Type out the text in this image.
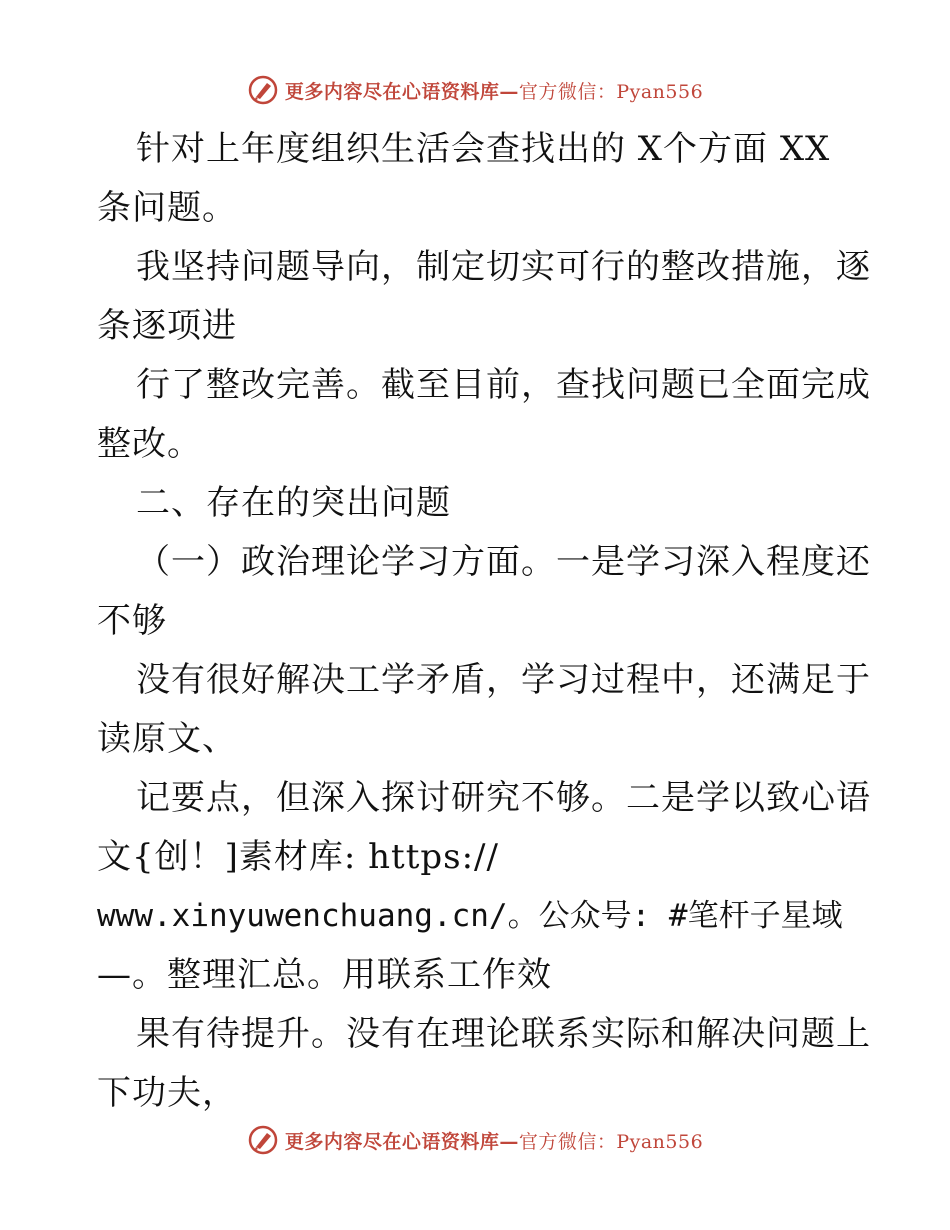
更多内容尽在心语资料库—官方微信：Pyan556
针对上年度组织生活会查找出的 X个方面 XX
条问题。
我坚持问题导向，制定切实可行的整改措施，逐
条逐项进
行了整改完善。截至目前，查找问题已全面完成
整改。
二、存在的突出问题
（一）政治理论学习方面。一是学习深入程度还
不够
没有很好解决工学矛盾，学习过程中，还满足于
读原文、
记要点，但深入探讨研究不够。二是学以致心语
文{创！]素材库: https://
www.xinyuwenchuang.cn/。公众号: #笔杆子星域
—。整理汇总。用联系工作效
果有待提升。没有在理论联系实际和解决问题上
下功夫，
更多内容尽在心语资料库—官方微信：Pyan556
